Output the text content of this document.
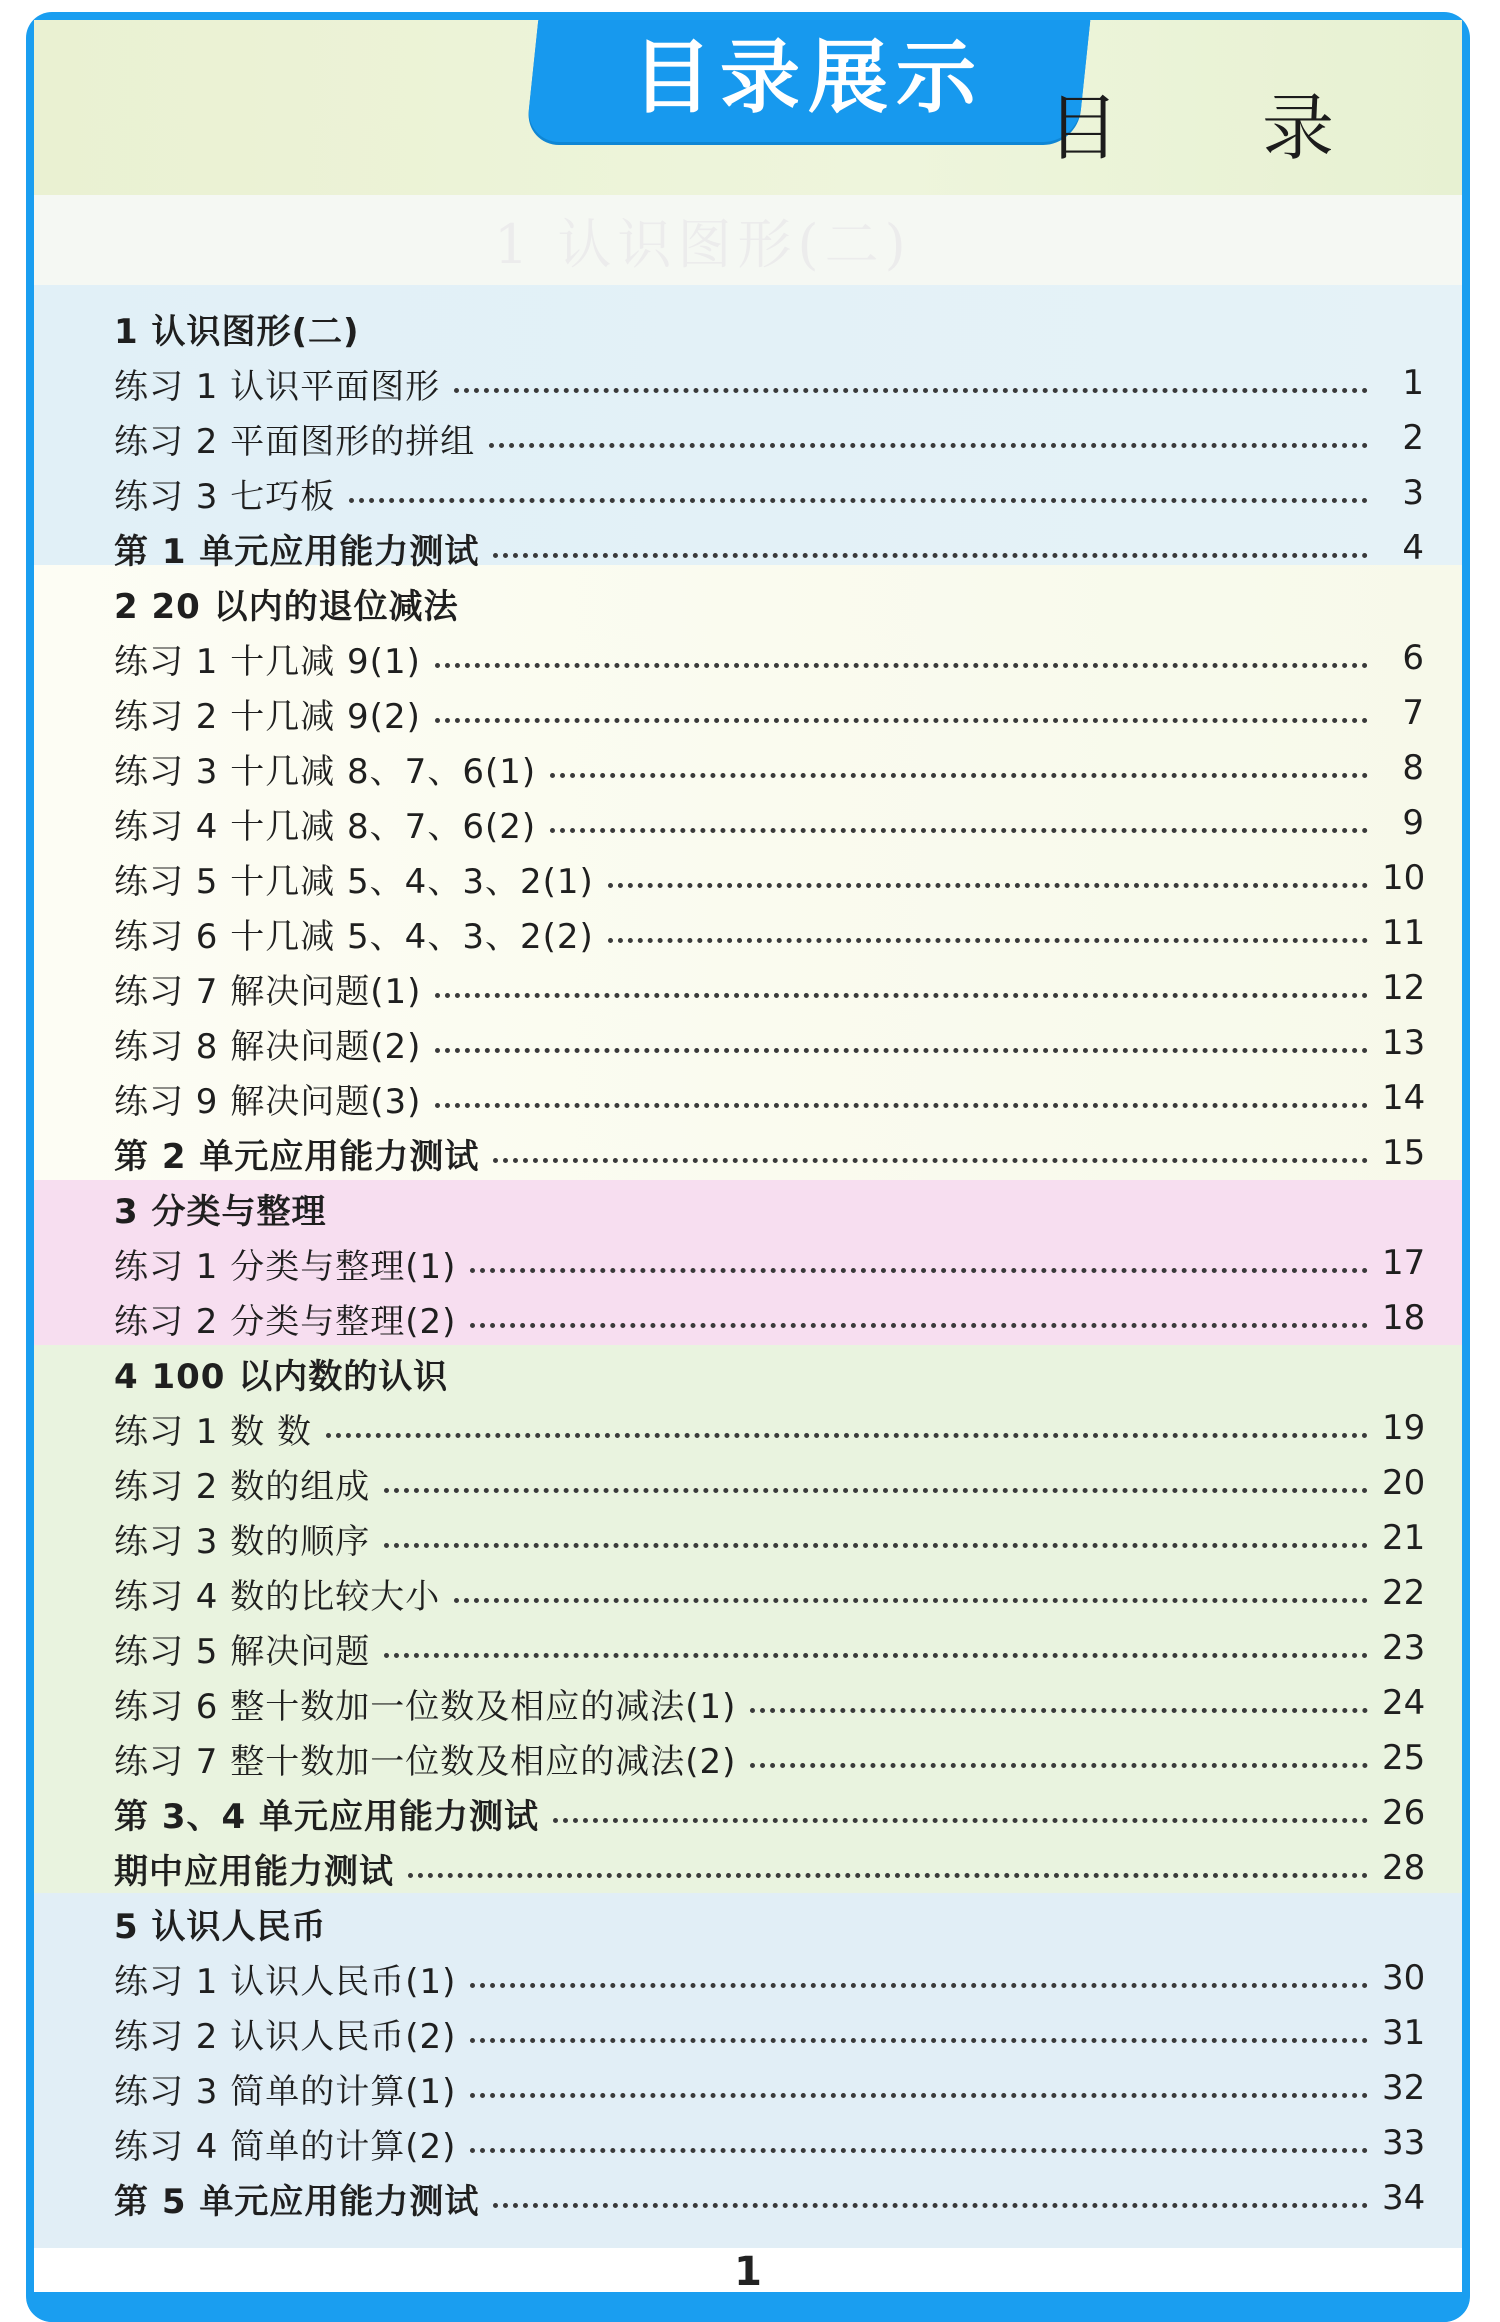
目录展示
目 录
1 认识图形(二)
1 认识图形(二)
练习 1 认识平面图形	1
练习 2 平面图形的拼组	2
练习 3 七巧板	3
第 1 单元应用能力测试	4
2 20 以内的退位减法
练习 1 十几减 9(1)	6
练习 2 十几减 9(2)	7
练习 3 十几减 8、7、6(1)	8
练习 4 十几减 8、7、6(2)	9
练习 5 十几减 5、4、3、2(1)	10
练习 6 十几减 5、4、3、2(2)	11
练习 7 解决问题(1)	12
练习 8 解决问题(2)	13
练习 9 解决问题(3)	14
第 2 单元应用能力测试	15
3 分类与整理
练习 1 分类与整理(1)	17
练习 2 分类与整理(2)	18
4 100 以内数的认识
练习 1 数 数	19
练习 2 数的组成	20
练习 3 数的顺序	21
练习 4 数的比较大小	22
练习 5 解决问题	23
练习 6 整十数加一位数及相应的减法(1)	24
练习 7 整十数加一位数及相应的减法(2)	25
第 3、4 单元应用能力测试	26
期中应用能力测试	28
5 认识人民币
练习 1 认识人民币(1)	30
练习 2 认识人民币(2)	31
练习 3 简单的计算(1)	32
练习 4 简单的计算(2)	33
第 5 单元应用能力测试	34
1
